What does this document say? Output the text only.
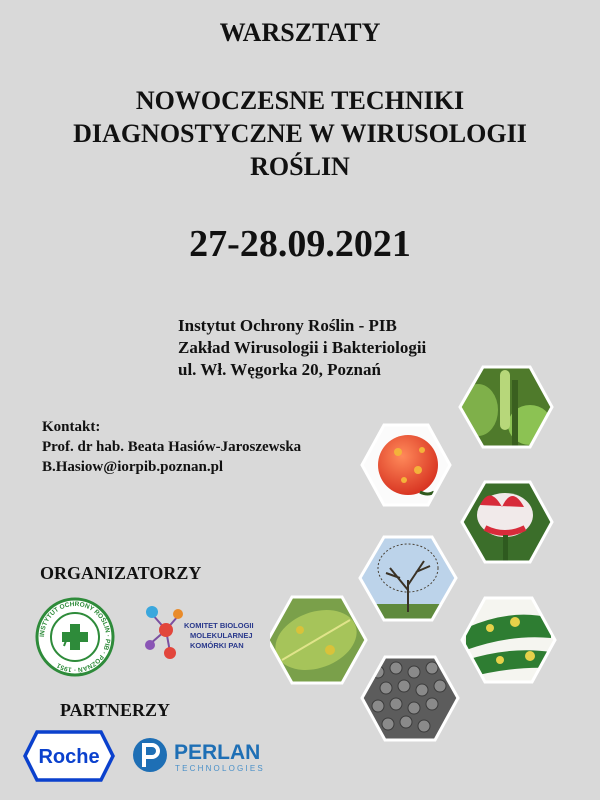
WARSZTATY
NOWOCZESNE TECHNIKI
DIAGNOSTYCZNE W WIRUSOLOGII
ROŚLIN
27-28.09.2021
Instytut Ochrony Roślin - PIB
Zakład Wirusologii i Bakteriologii
ul. Wł. Węgorka 20, Poznań
Kontakt:
Prof. dr hab. Beata Hasiów-Jaroszewska
B.Hasiow@iorpib.poznan.pl
ORGANIZATORZY
INSTYTUT OCHRONY ROŚLIN · PIB · POZNAŃ · 1951
KOMITET BIOLOGII MOLEKULARNEJ KOMÓRKI PAN
PARTNERZY
Roche	PERLAN
TECHNOLOGIES
